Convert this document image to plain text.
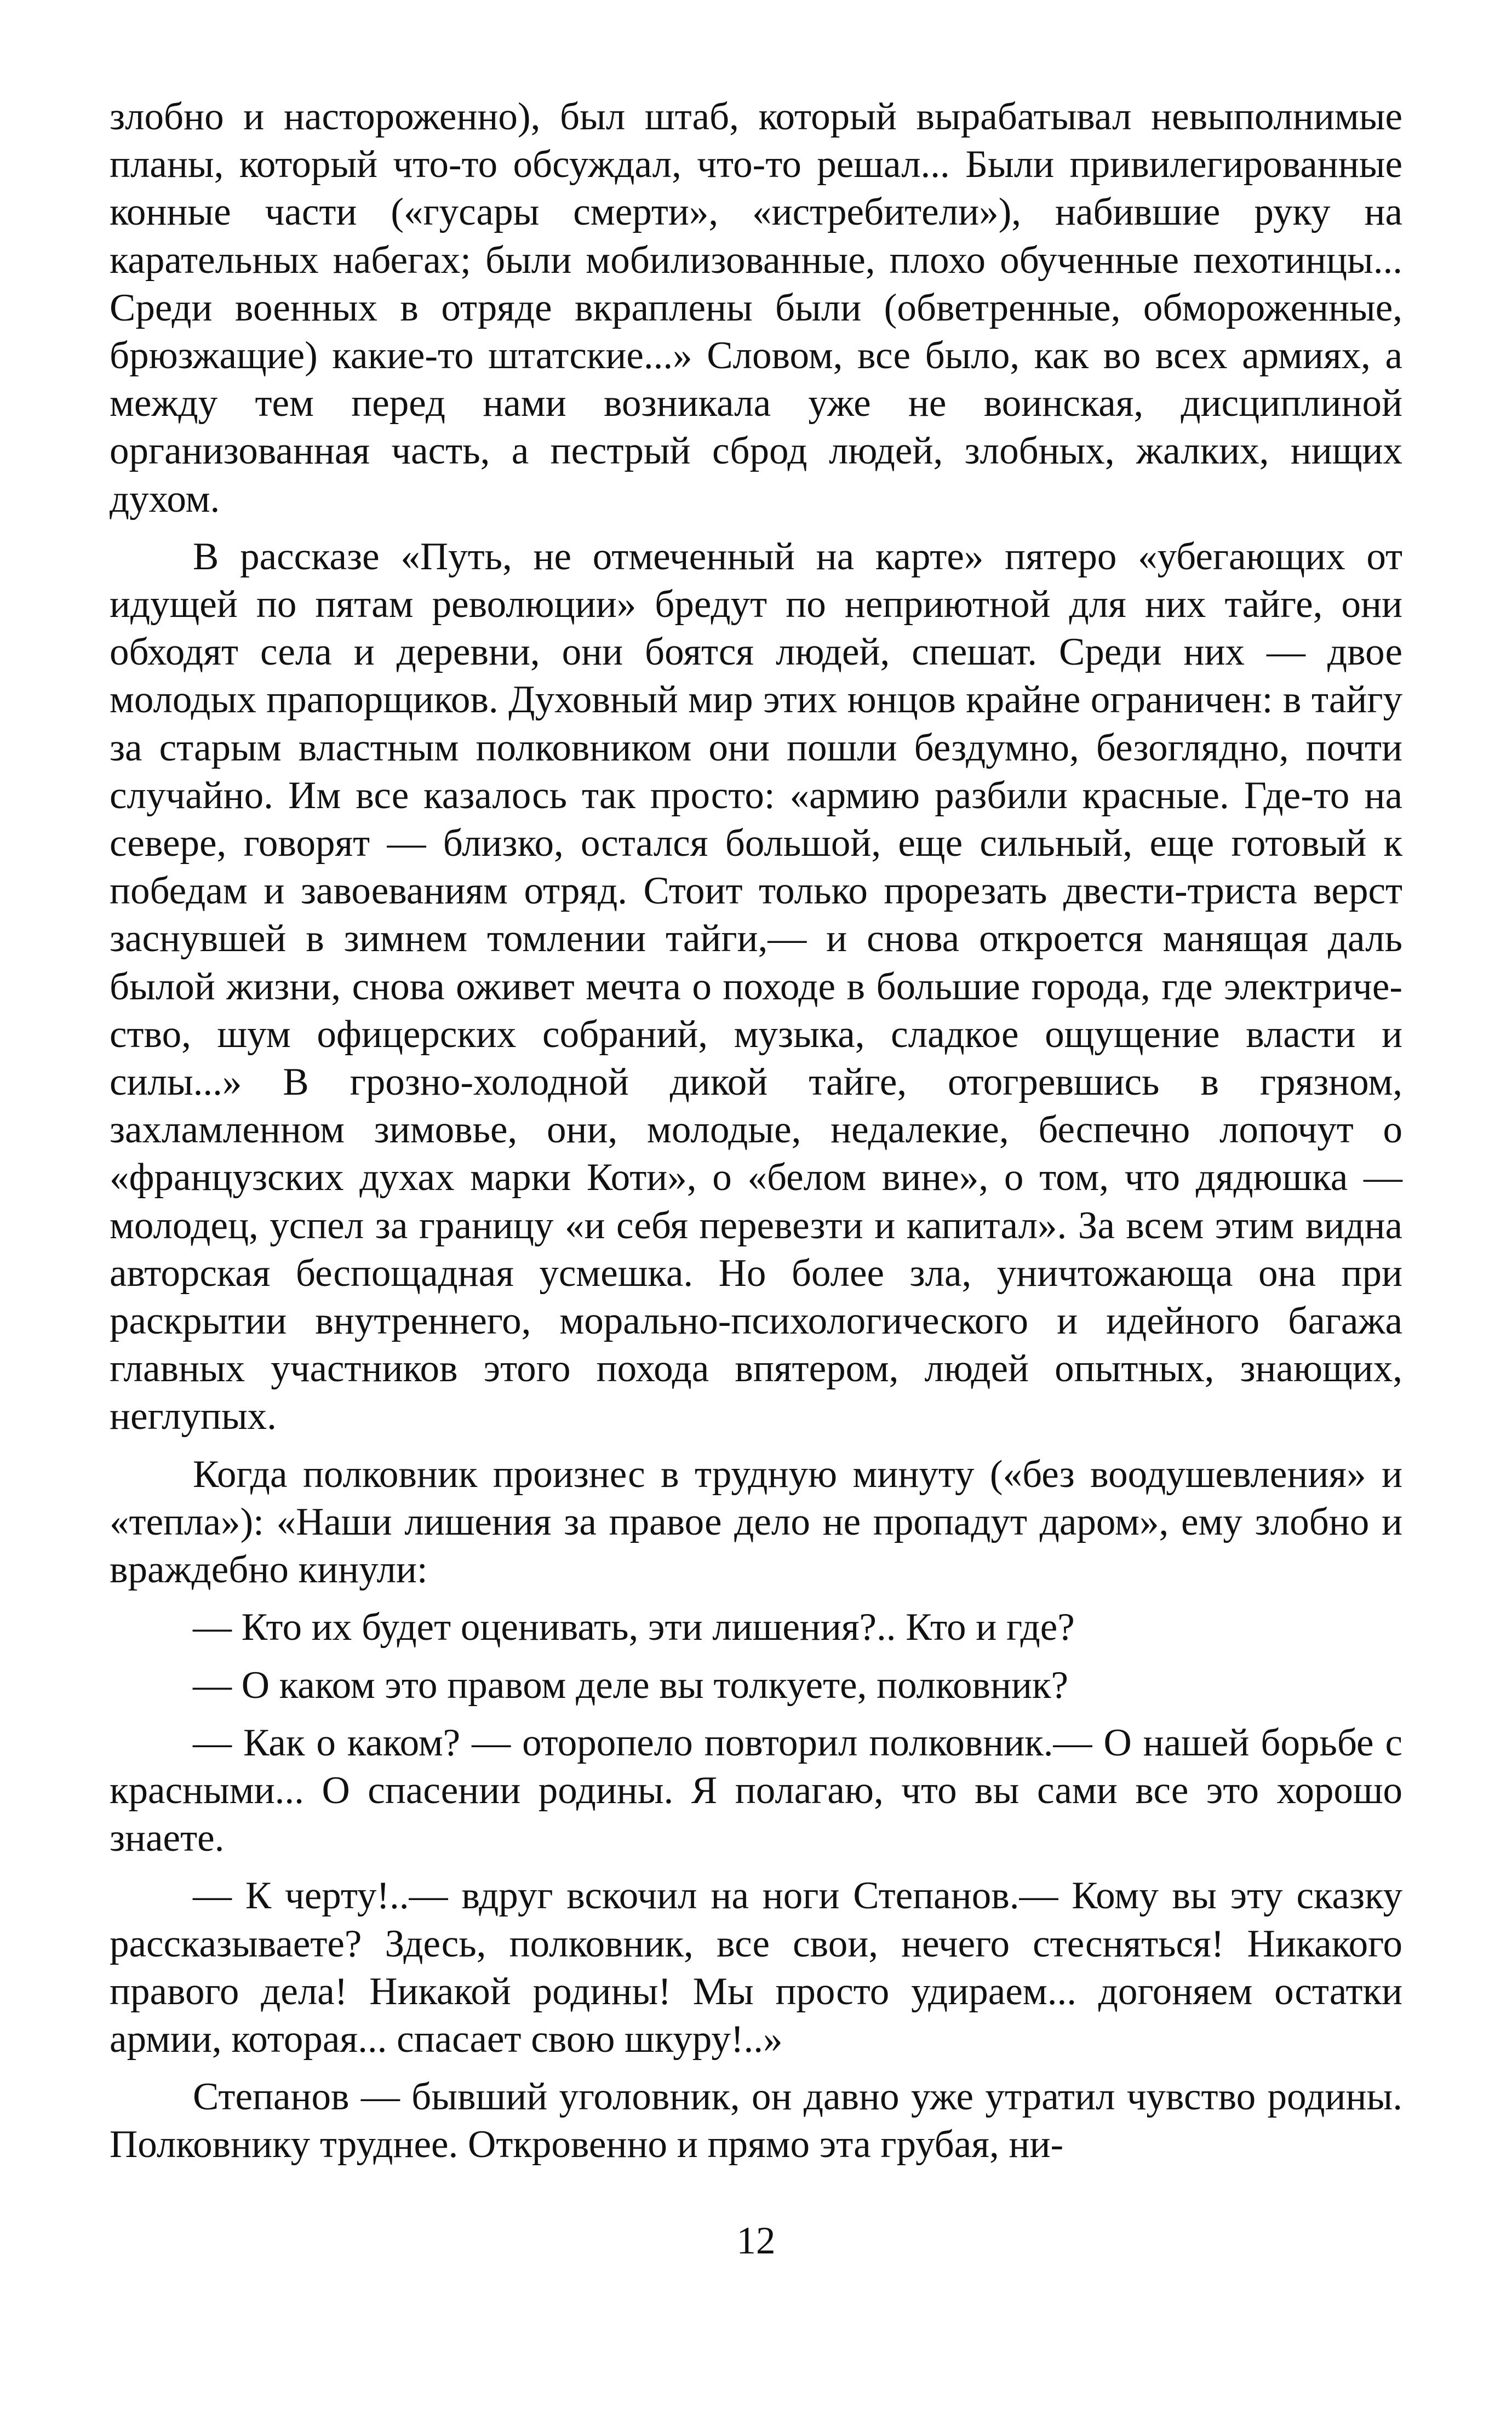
злобно и настороженно), был штаб, который вырабатывал невыполнимые планы, который что-то обсуждал, что-то решал... Были привилегированные конные части («гусары смерти», «истребители»), набившие руку на карательных набегах; были мобилизованные, плохо обученные пехотинцы... Среди военных в отряде вкраплены были (обветренные, обмороженные, брюзжащие) какие-то штатские...» Словом, все было, как во всех армиях, а между тем перед нами возникала уже не воинская, дисциплиной организованная часть, а пестрый сброд людей, злобных, жалких, нищих духом.

В рассказе «Путь, не отмеченный на карте» пятеро «убегающих от идущей по пятам революции» бредут по неприютной для них тайге, они обходят села и деревни, они боятся людей, спешат. Среди них — двое молодых прапорщиков. Духовный мир этих юнцов крайне ограничен: в тайгу за старым властным полковником они пошли бездумно, безоглядно, почти случайно. Им все казалось так просто: «армию разбили красные. Где-то на севере, говорят — близко, остался большой, еще сильный, еще готовый к победам и завоеваниям отряд. Стоит только прорезать двести-триста верст заснувшей в зимнем томлении тайги,— и снова откроется манящая даль былой жизни, снова оживет мечта о походе в большие города, где электричество, шум офицерских собраний, музыка, сладкое ощущение власти и силы...» В грозно-холодной дикой тайге, отогревшись в грязном, захламленном зимовье, они, молодые, недалекие, беспечно лопочут о «французских духах марки Коти», о «белом вине», о том, что дядюшка — молодец, успел за границу «и себя перевезти и капитал». За всем этим видна авторская беспощадная усмешка. Но более зла, уничтожающа она при раскрытии внутреннего, морально-психологического и идейного багажа главных участников этого похода впятером, людей опытных, знающих, неглупых.

Когда полковник произнес в трудную минуту («без воодушевления» и «тепла»): «Наши лишения за правое дело не пропадут даром», ему злобно и враждебно кинули:

— Кто их будет оценивать, эти лишения?.. Кто и где?

— О каком это правом деле вы толкуете, полковник?

— Как о каком? — оторопело повторил полковник.— О нашей борьбе с красными... О спасении родины. Я полагаю, что вы сами все это хорошо знаете.

— К черту!..— вдруг вскочил на ноги Степанов.— Кому вы эту сказку рассказываете? Здесь, полковник, все свои, нечего стесняться! Никакого правого дела! Никакой родины! Мы просто удираем... догоняем остатки армии, которая... спасает свою шкуру!..»

Степанов — бывший уголовник, он давно уже утратил чувство родины. Полковнику труднее. Откровенно и прямо эта грубая, ни-

12
